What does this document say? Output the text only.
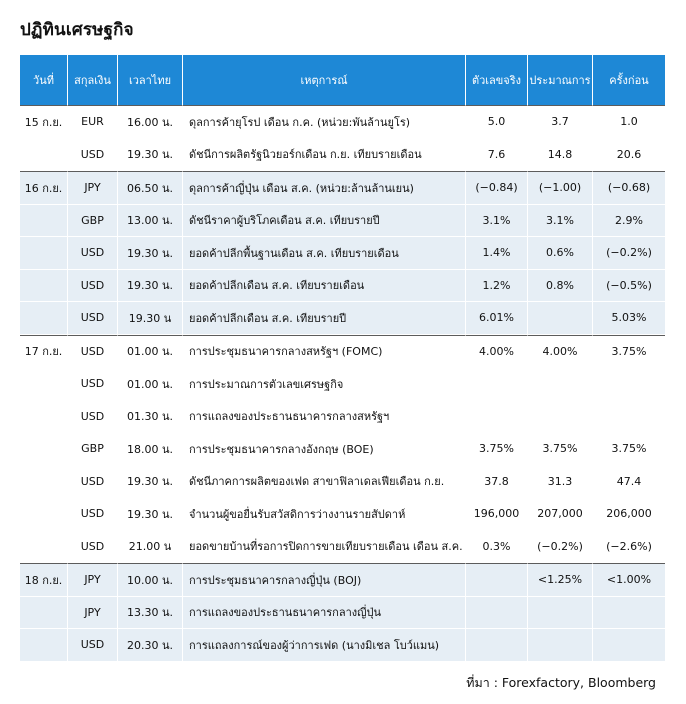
ปฏิทินเศรษฐกิจ
วันที่	สกุลเงิน	เวลาไทย	เหตุการณ์	ตัวเลขจริง	ประมาณการ	ครั้งก่อน
15 ก.ย.	EUR	16.00 น.	ดุลการค้ายุโรป เดือน ก.ค. (หน่วย:พันล้านยูโร)	5.0	3.7	1.0
	USD	19.30 น.	ดัชนีการผลิตรัฐนิวยอร์กเดือน ก.ย. เทียบรายเดือน	7.6	14.8	20.6
16 ก.ย.	JPY	06.50 น.	ดุลการค้าญี่ปุ่น เดือน ส.ค. (หน่วย:ล้านล้านเยน)	(−0.84)	(−1.00)	(−0.68)
	GBP	13.00 น.	ดัชนีราคาผู้บริโภคเดือน ส.ค. เทียบรายปี	3.1%	3.1%	2.9%
	USD	19.30 น.	ยอดค้าปลีกพื้นฐานเดือน ส.ค. เทียบรายเดือน	1.4%	0.6%	(−0.2%)
	USD	19.30 น.	ยอดค้าปลีกเดือน ส.ค. เทียบรายเดือน	1.2%	0.8%	(−0.5%)
	USD	19.30 น	ยอดค้าปลีกเดือน ส.ค. เทียบรายปี	6.01%		5.03%
17 ก.ย.	USD	01.00 น.	การประชุมธนาคารกลางสหรัฐฯ (FOMC)	4.00%	4.00%	3.75%
	USD	01.00 น.	การประมาณการตัวเลขเศรษฐกิจ			
	USD	01.30 น.	การแถลงของประธานธนาคารกลางสหรัฐฯ			
	GBP	18.00 น.	การประชุมธนาคารกลางอังกฤษ (BOE)	3.75%	3.75%	3.75%
	USD	19.30 น.	ดัชนีภาคการผลิตของเฟด สาขาฟิลาเดลเฟียเดือน ก.ย.	37.8	31.3	47.4
	USD	19.30 น.	จำนวนผู้ขอยื่นรับสวัสดิการว่างงานรายสัปดาห์	196,000	207,000	206,000
	USD	21.00 น	ยอดขายบ้านที่รอการปิดการขายเทียบรายเดือน เดือน ส.ค.	0.3%	(−0.2%)	(−2.6%)
18 ก.ย.	JPY	10.00 น.	การประชุมธนาคารกลางญี่ปุ่น (BOJ)		<1.25%	<1.00%
	JPY	13.30 น.	การแถลงของประธานธนาคารกลางญี่ปุ่น			
	USD	20.30 น.	การแถลงการณ์ของผู้ว่าการเฟด (นางมิเชล โบว์แมน)			
ที่มา : Forexfactory, Bloomberg
